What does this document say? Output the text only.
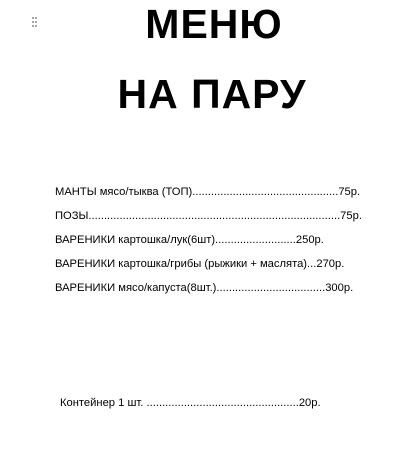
МЕНЮ
НА ПАРУ
МАНТЫ мясо/тыква (ТОП)...............................................75р.
ПОЗЫ.................................................................................75р.
ВАРЕНИКИ картошка/лук(6шт)..........................250р.
ВАРЕНИКИ картошка/грибы (рыжики + маслята)...270р.
ВАРЕНИКИ мясо/капуста(8шт.)...................................300р.
Контейнер 1 шт. .................................................20р.
